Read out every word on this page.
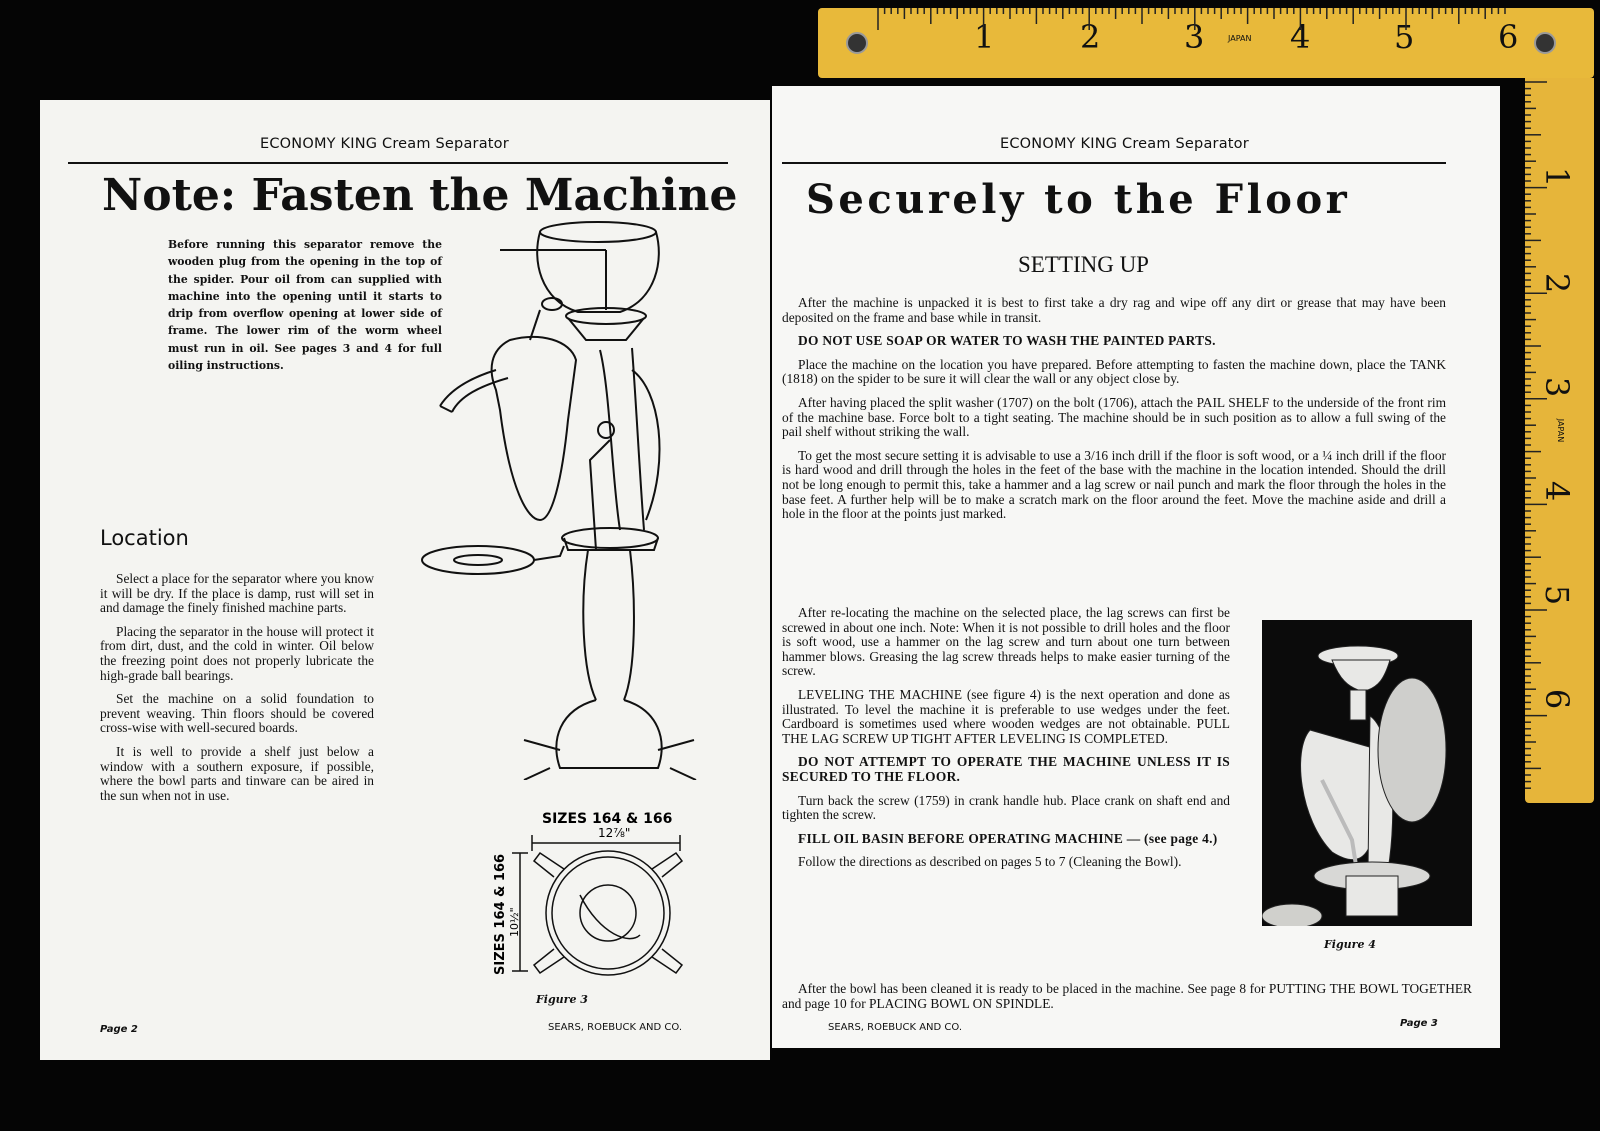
ECONOMY KING Cream Separator
Note: Fasten the Machine
Before running this separator remove the wooden plug from the opening in the top of the spider. Pour oil from can supplied with machine into the opening until it starts to drip from overflow opening at lower side of frame. The lower rim of the worm wheel must run in oil. See pages 3 and 4 for full oiling instructions.
Location

Select a place for the separator where you know it will be dry. If the place is damp, rust will set in and damage the finely finished machine parts.

Placing the separator in the house will protect it from dirt, dust, and the cold in winter. Oil below the freezing point does not properly lubricate the high-grade ball bearings.

Set the machine on a solid foundation to prevent weaving. Thin floors should be covered cross-wise with well-secured boards.

It is well to provide a shelf just below a window with a southern exposure, if possible, where the bowl parts and tinware can be aired in the sun when not in use.

SIZES 164 & 166
12⅞"
SIZES 164 & 166 10½"
Figure 3
Page 2	SEARS, ROEBUCK AND CO.
ECONOMY KING Cream Separator
Securely to the Floor
SETTING UP

After the machine is unpacked it is best to first take a dry rag and wipe off any dirt or grease that may have been deposited on the frame and base while in transit.

DO NOT USE SOAP OR WATER TO WASH THE PAINTED PARTS.

Place the machine on the location you have prepared. Before attempting to fasten the machine down, place the TANK (1818) on the spider to be sure it will clear the wall or any object close by.

After having placed the split washer (1707) on the bolt (1706), attach the PAIL SHELF to the underside of the front rim of the machine base. Force bolt to a tight seating. The machine should be in such position as to allow a full swing of the pail shelf without striking the wall.

To get the most secure setting it is advisable to use a 3/16 inch drill if the floor is soft wood, or a ¼ inch drill if the floor is hard wood and drill through the holes in the feet of the base with the machine in the location intended. Should the drill not be long enough to permit this, take a hammer and a lag screw or nail punch and mark the floor through the holes in the base feet. A further help will be to make a scratch mark on the floor around the feet. Move the machine aside and drill a hole in the floor at the points just marked.

After re-locating the machine on the selected place, the lag screws can first be screwed in about one inch. Note: When it is not possible to drill holes and the floor is soft wood, use a hammer on the lag screw and turn about one turn between hammer blows. Greasing the lag screw threads helps to make easier turning of the screw.

LEVELING THE MACHINE (see figure 4) is the next operation and done as illustrated. To level the machine it is preferable to use wedges under the feet. Cardboard is sometimes used where wooden wedges are not obtainable. PULL THE LAG SCREW UP TIGHT AFTER LEVELING IS COMPLETED.

DO NOT ATTEMPT TO OPERATE THE MACHINE UNLESS IT IS SECURED TO THE FLOOR.

Turn back the screw (1759) in crank handle hub. Place crank on shaft end and tighten the screw.

FILL OIL BASIN BEFORE OPERATING MACHINE — (see page 4.)

Follow the directions as described on pages 5 to 7 (Cleaning the Bowl).

After the bowl has been cleaned it is ready to be placed in the machine. See page 8 for PUTTING THE BOWL TOGETHER and page 10 for PLACING BOWL ON SPINDLE.

Figure 4
SEARS, ROEBUCK AND CO.	Page 3
1	2	3	JAPAN 4	5	6
1
2
3
JAPAN
4
5
6
